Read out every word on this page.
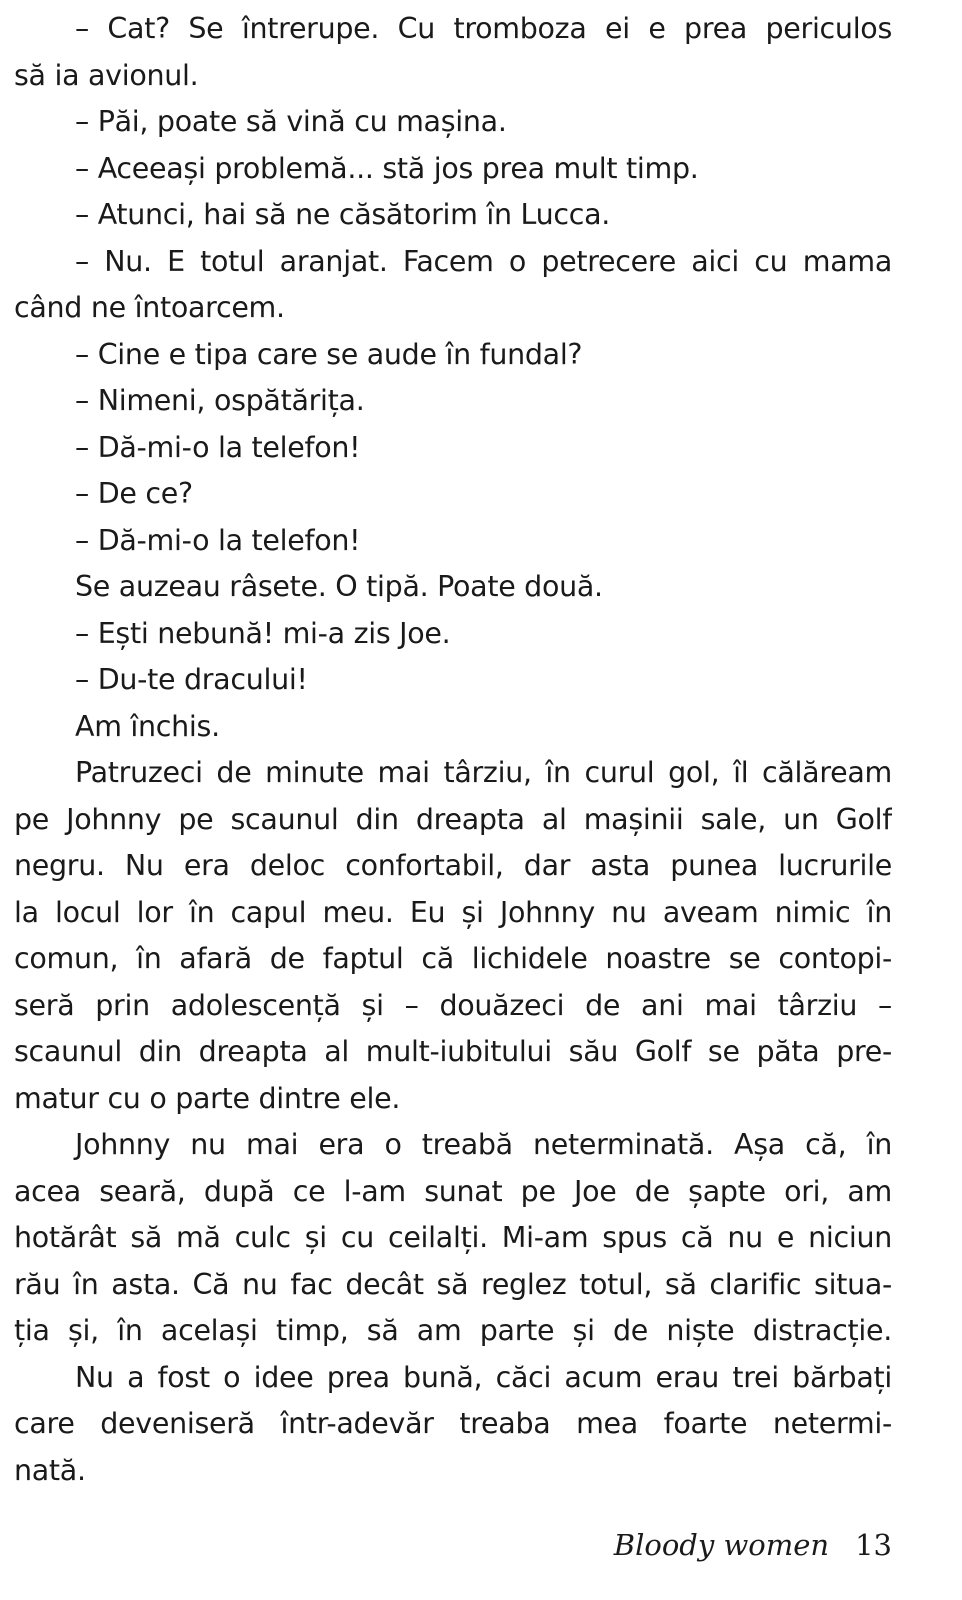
– Cat? Se întrerupe. Cu tromboza ei e prea periculos
să ia avionul.
– Păi, poate să vină cu mașina.
– Aceeași problemă... stă jos prea mult timp.
– Atunci, hai să ne căsătorim în Lucca.
– Nu. E totul aranjat. Facem o petrecere aici cu mama
când ne întoarcem.
– Cine e tipa care se aude în fundal?
– Nimeni, ospătărița.
– Dă-mi-o la telefon!
– De ce?
– Dă-mi-o la telefon!
Se auzeau râsete. O tipă. Poate două.
– Ești nebună! mi-a zis Joe.
– Du-te dracului!
Am închis.
Patruzeci de minute mai târziu, în curul gol, îl călăream
pe Johnny pe scaunul din dreapta al mașinii sale, un Golf
negru. Nu era deloc confortabil, dar asta punea lucrurile
la locul lor în capul meu. Eu și Johnny nu aveam nimic în
comun, în afară de faptul că lichidele noastre se contopi-
seră prin adolescență și – douăzeci de ani mai târziu –
scaunul din dreapta al mult-iubitului său Golf se păta pre-
matur cu o parte dintre ele.
Johnny nu mai era o treabă neterminată. Așa că, în
acea seară, după ce l-am sunat pe Joe de șapte ori, am
hotărât să mă culc și cu ceilalți. Mi-am spus că nu e niciun
rău în asta. Că nu fac decât să reglez totul, să clarific situa-
ția și, în același timp, să am parte și de niște distracție.
Nu a fost o idee prea bună, căci acum erau trei bărbați
care deveniseră într-adevăr treaba mea foarte netermi-
nată.
Bloody women 13
